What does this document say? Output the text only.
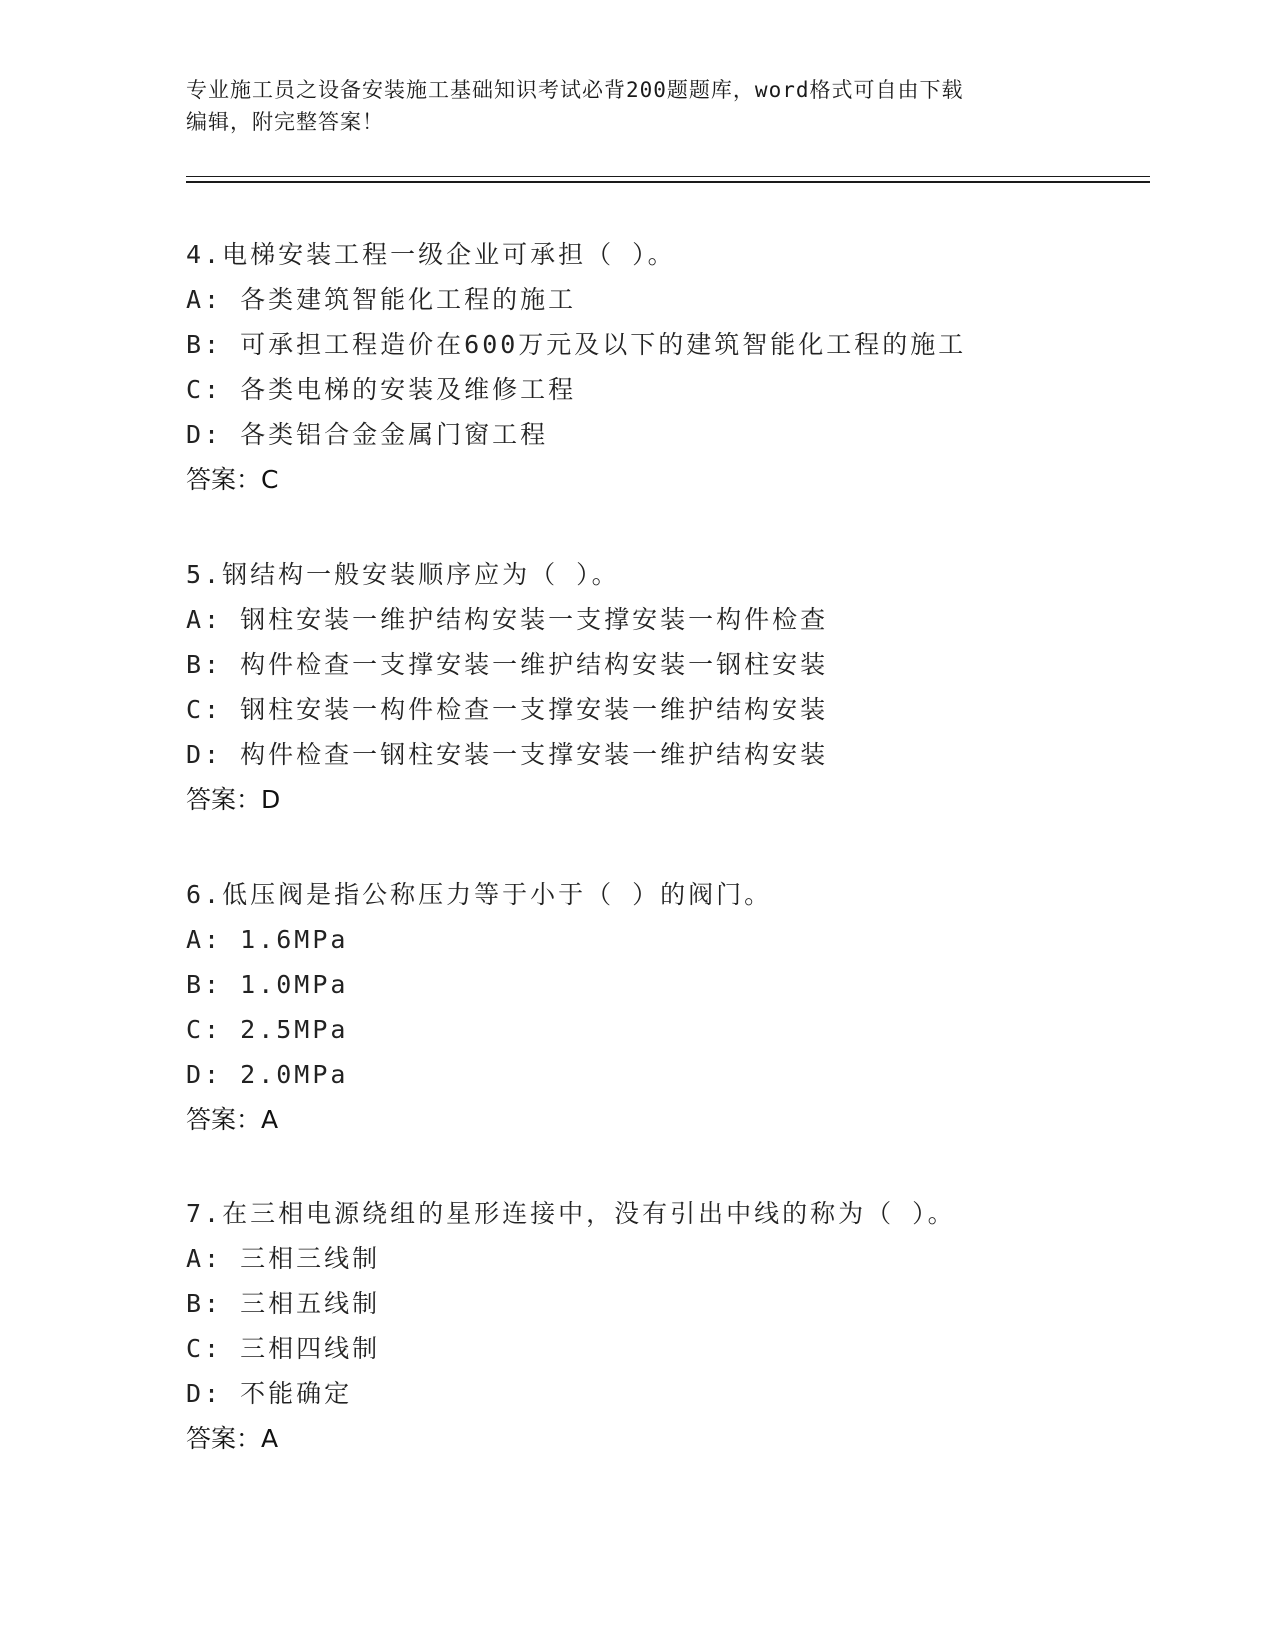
专业施工员之设备安装施工基础知识考试必背200题题库，word格式可自由下载
编辑，附完整答案！
4.电梯安装工程一级企业可承担（ ）。
A: 各类建筑智能化工程的施工
B: 可承担工程造价在600万元及以下的建筑智能化工程的施工
C: 各类电梯的安装及维修工程
D: 各类铝合金金属门窗工程
答案：C
5.钢结构一般安装顺序应为（ ）。
A: 钢柱安装一维护结构安装一支撑安装一构件检查
B: 构件检查一支撑安装一维护结构安装一钢柱安装
C: 钢柱安装一构件检查一支撑安装一维护结构安装
D: 构件检查一钢柱安装一支撑安装一维护结构安装
答案：D
6.低压阀是指公称压力等于小于（ ）的阀门。
A: 1.6MPa
B: 1.0MPa
C: 2.5MPa
D: 2.0MPa
答案：A
7.在三相电源绕组的星形连接中，没有引出中线的称为（ ）。
A: 三相三线制
B: 三相五线制
C: 三相四线制
D: 不能确定
答案：A
